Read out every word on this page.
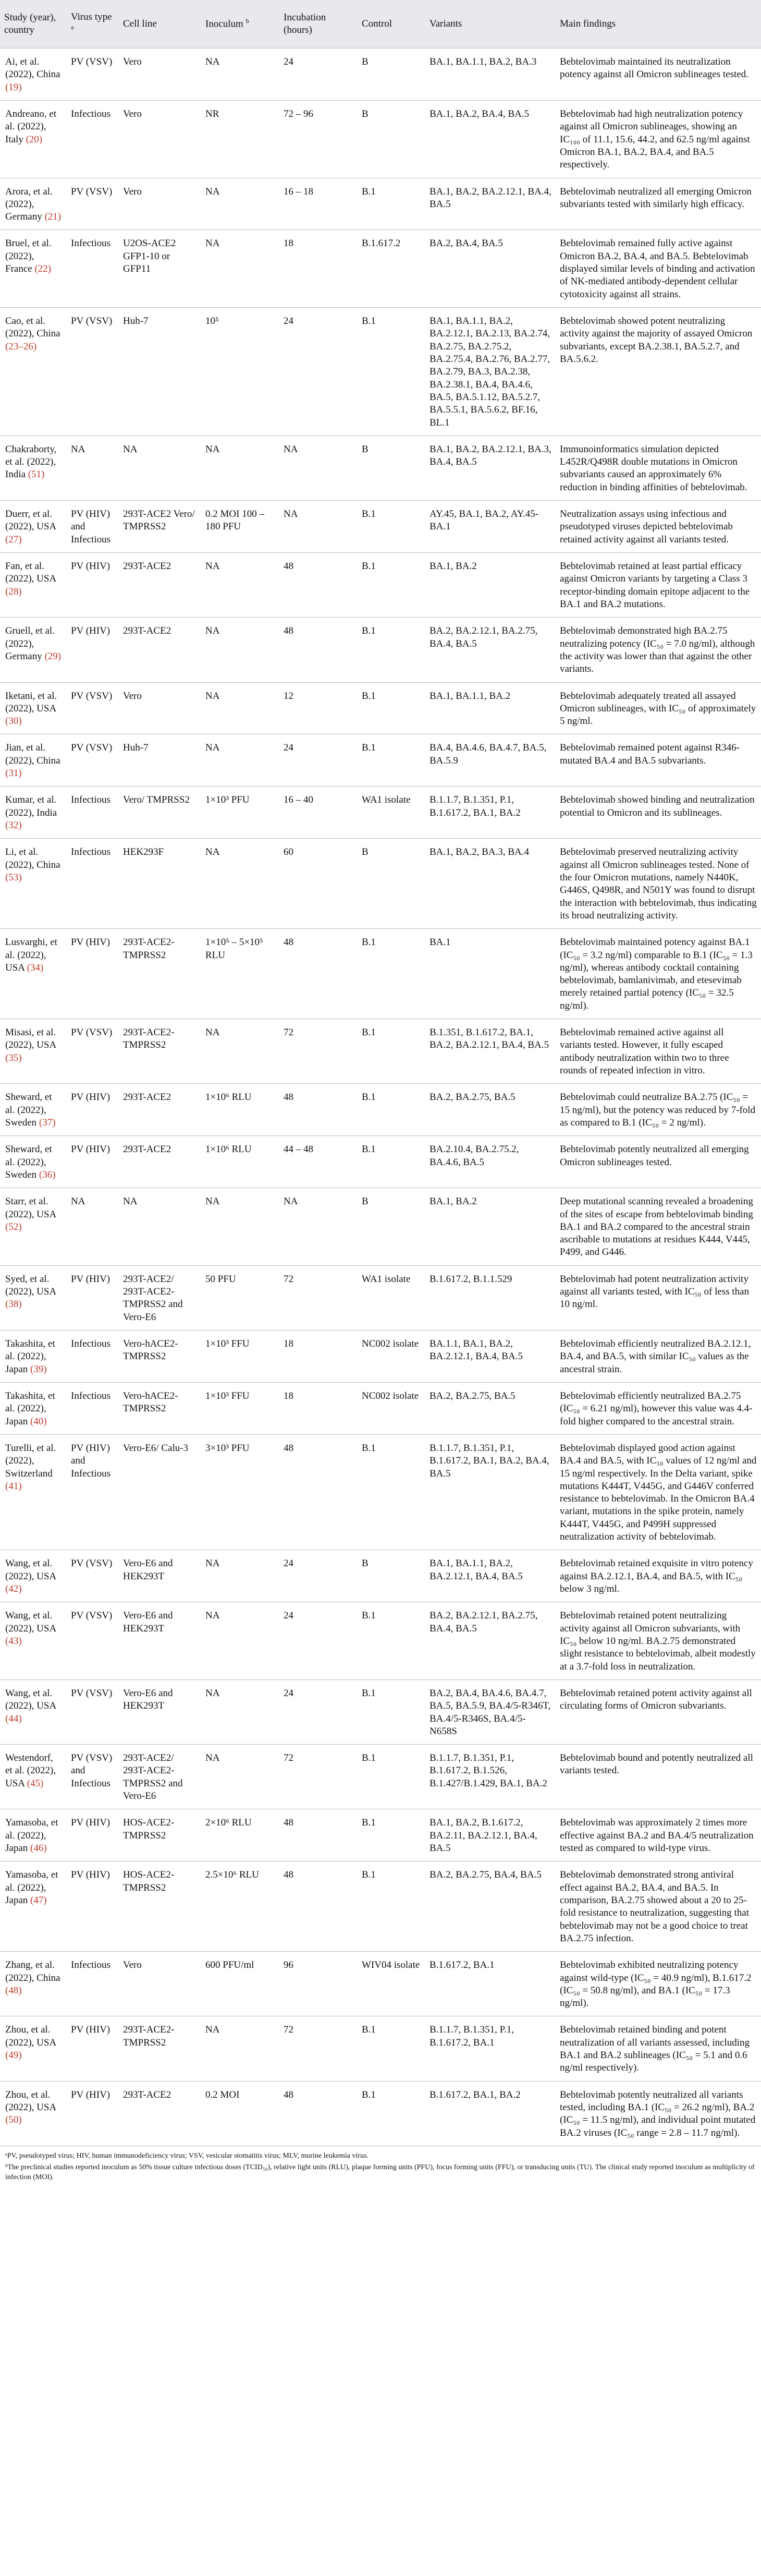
Study (year), country	Virus type $^a$	Cell line	Inoculum $^b$	Incubation (hours)	Control	Variants	Main findings
Ai, et al. (2022), China (19)	PV (VSV)	Vero	NA	24	B	BA.1, BA.1.1, BA.2, BA.3	Bebtelovimab maintained its neutralization potency against all Omicron sublineages tested.
Andreano, et al. (2022), Italy (20)	Infectious	Vero	NR	72 – 96	B	BA.1, BA.2, BA.4, BA.5	Bebtelovimab had high neutralization potency against all Omicron sublineages, showing an IC₁₀₀ of 11.1, 15.6, 44.2, and 62.5 ng/ml against Omicron BA.1, BA.2, BA.4, and BA.5 respectively.
Arora, et al. (2022), Germany (21)	PV (VSV)	Vero	NA	16 – 18	B.1	BA.1, BA.2, BA.2.12.1, BA.4, BA.5	Bebtelovimab neutralized all emerging Omicron subvariants tested with similarly high efficacy.
Bruel, et al. (2022), France (22)	Infectious	U2OS-ACE2 GFP1-10 or GFP11	NA	18	B.1.617.2	BA.2, BA.4, BA.5	Bebtelovimab remained fully active against Omicron BA.2, BA.4, and BA.5. Bebtelovimab displayed similar levels of binding and activation of NK-mediated antibody-dependent cellular cytotoxicity against all strains.
Cao, et al. (2022), China (23–26)	PV (VSV)	Huh-7	10⁵	24	B.1	BA.1, BA.1.1, BA.2, BA.2.12.1, BA.2.13, BA.2.74, BA.2.75, BA.2.75.2, BA.2.75.4, BA.2.76, BA.2.77, BA.2.79, BA.3, BA.2.38, BA.2.38.1, BA.4, BA.4.6, BA.5, BA.5.1.12, BA.5.2.7, BA.5.5.1, BA.5.6.2, BF.16, BL.1	Bebtelovimab showed potent neutralizing activity against the majority of assayed Omicron subvariants, except BA.2.38.1, BA.5.2.7, and BA.5.6.2.
Chakraborty, et al. (2022), India (51)	NA	NA	NA	NA	B	BA.1, BA.2, BA.2.12.1, BA.3, BA.4, BA.5	Immunoinformatics simulation depicted L452R/Q498R double mutations in Omicron subvariants caused an approximately 6% reduction in binding affinities of bebtelovimab.
Duerr, et al. (2022), USA (27)	PV (HIV) and Infectious	293T-ACE2 Vero/ TMPRSS2	0.2 MOI 100 – 180 PFU	NA	B.1	AY.45, BA.1, BA.2, AY.45-BA.1	Neutralization assays using infectious and pseudotyped viruses depicted bebtelovimab retained activity against all variants tested.
Fan, et al. (2022), USA (28)	PV (HIV)	293T-ACE2	NA	48	B.1	BA.1, BA.2	Bebtelovimab retained at least partial efficacy against Omicron variants by targeting a Class 3 receptor-binding domain epitope adjacent to the BA.1 and BA.2 mutations.
Gruell, et al. (2022), Germany (29)	PV (HIV)	293T-ACE2	NA	48	B.1	BA.2, BA.2.12.1, BA.2.75, BA.4, BA.5	Bebtelovimab demonstrated high BA.2.75 neutralizing potency (IC₅₀ = 7.0 ng/ml), although the activity was lower than that against the other variants.
Iketani, et al. (2022), USA (30)	PV (VSV)	Vero	NA	12	B.1	BA.1, BA.1.1, BA.2	Bebtelovimab adequately treated all assayed Omicron sublineages, with IC₅₀ of approximately 5 ng/ml.
Jian, et al. (2022), China (31)	PV (VSV)	Huh-7	NA	24	B.1	BA.4, BA.4.6, BA.4.7, BA.5, BA.5.9	Bebtelovimab remained potent against R346-mutated BA.4 and BA.5 subvariants.
Kumar, et al. (2022), India (32)	Infectious	Vero/ TMPRSS2	1×10³ PFU	16 – 40	WA1 isolate	B.1.1.7, B.1.351, P.1, B.1.617.2, BA.1, BA.2	Bebtelovimab showed binding and neutralization potential to Omicron and its sublineages.
Li, et al. (2022), China (53)	Infectious	HEK293F	NA	60	B	BA.1, BA.2, BA.3, BA.4	Bebtelovimab preserved neutralizing activity against all Omicron sublineages tested. None of the four Omicron mutations, namely N440K, G446S, Q498R, and N501Y was found to disrupt the interaction with bebtelovimab, thus indicating its broad neutralizing activity.
Lusvarghi, et al. (2022), USA (34)	PV (HIV)	293T-ACE2-TMPRSS2	1×10⁵ – 5×10⁵ RLU	48	B.1	BA.1	Bebtelovimab maintained potency against BA.1 (IC₅₀ = 3.2 ng/ml) comparable to B.1 (IC₅₀ = 1.3 ng/ml), whereas antibody cocktail containing bebtelovimab, bamlanivimab, and etesevimab merely retained partial potency (IC₅₀ = 32.5 ng/ml).
Misasi, et al. (2022), USA (35)	PV (VSV)	293T-ACE2-TMPRSS2	NA	72	B.1	B.1.351, B.1.617.2, BA.1, BA.2, BA.2.12.1, BA.4, BA.5	Bebtelovimab remained active against all variants tested. However, it fully escaped antibody neutralization within two to three rounds of repeated infection in vitro.
Sheward, et al. (2022), Sweden (37)	PV (HIV)	293T-ACE2	1×10⁶ RLU	48	B.1	BA.2, BA.2.75, BA.5	Bebtelovimab could neutralize BA.2.75 (IC₅₀ = 15 ng/ml), but the potency was reduced by 7-fold as compared to B.1 (IC₅₀ = 2 ng/ml).
Sheward, et al. (2022), Sweden (36)	PV (HIV)	293T-ACE2	1×10⁶ RLU	44 – 48	B.1	BA.2.10.4, BA.2.75.2, BA.4.6, BA.5	Bebtelovimab potently neutralized all emerging Omicron sublineages tested.
Starr, et al. (2022), USA (52)	NA	NA	NA	NA	B	BA.1, BA.2	Deep mutational scanning revealed a broadening of the sites of escape from bebtelovimab binding BA.1 and BA.2 compared to the ancestral strain ascribable to mutations at residues K444, V445, P499, and G446.
Syed, et al. (2022), USA (38)	PV (HIV)	293T-ACE2/ 293T-ACE2-TMPRSS2 and Vero-E6	50 PFU	72	WA1 isolate	B.1.617.2, B.1.1.529	Bebtelovimab had potent neutralization activity against all variants tested, with IC₅₀ of less than 10 ng/ml.
Takashita, et al. (2022), Japan (39)	Infectious	Vero-hACE2-TMPRSS2	1×10³ FFU	18	NC002 isolate	BA.1.1, BA.1, BA.2, BA.2.12.1, BA.4, BA.5	Bebtelovimab efficiently neutralized BA.2.12.1, BA.4, and BA.5, with similar IC₅₀ values as the ancestral strain.
Takashita, et al. (2022), Japan (40)	Infectious	Vero-hACE2-TMPRSS2	1×10³ FFU	18	NC002 isolate	BA.2, BA.2.75, BA.5	Bebtelovimab efficiently neutralized BA.2.75 (IC₅₀ = 6.21 ng/ml), however this value was 4.4-fold higher compared to the ancestral strain.
Turelli, et al. (2022), Switzerland (41)	PV (HIV) and Infectious	Vero-E6/ Calu-3	3×10³ PFU	48	B.1	B.1.1.7, B.1.351, P.1, B.1.617.2, BA.1, BA.2, BA.4, BA.5	Bebtelovimab displayed good action against BA.4 and BA.5, with IC₅₀ values of 12 ng/ml and 15 ng/ml respectively. In the Delta variant, spike mutations K444T, V445G, and G446V conferred resistance to bebtelovimab. In the Omicron BA.4 variant, mutations in the spike protein, namely K444T, V445G, and P499H suppressed neutralization activity of bebtelovimab.
Wang, et al. (2022), USA (42)	PV (VSV)	Vero-E6 and HEK293T	NA	24	B	BA.1, BA.1.1, BA.2, BA.2.12.1, BA.4, BA.5	Bebtelovimab retained exquisite in vitro potency against BA.2.12.1, BA.4, and BA.5, with IC₅₀ below 3 ng/ml.
Wang, et al. (2022), USA (43)	PV (VSV)	Vero-E6 and HEK293T	NA	24	B.1	BA.2, BA.2.12.1, BA.2.75, BA.4, BA.5	Bebtelovimab retained potent neutralizing activity against all Omicron subvariants, with IC₅₀ below 10 ng/ml. BA.2.75 demonstrated slight resistance to bebtelovimab, albeit modestly at a 3.7-fold loss in neutralization.
Wang, et al. (2022), USA (44)	PV (VSV)	Vero-E6 and HEK293T	NA	24	B.1	BA.2, BA.4, BA.4.6, BA.4.7, BA.5, BA.5.9, BA.4/5-R346T, BA.4/5-R346S, BA.4/5-N658S	Bebtelovimab retained potent activity against all circulating forms of Omicron subvariants.
Westendorf, et al. (2022), USA (45)	PV (VSV) and Infectious	293T-ACE2/ 293T-ACE2-TMPRSS2 and Vero-E6	NA	72	B.1	B.1.1.7, B.1.351, P.1, B.1.617.2, B.1.526, B.1.427/B.1.429, BA.1, BA.2	Bebtelovimab bound and potently neutralized all variants tested.
Yamasoba, et al. (2022), Japan (46)	PV (HIV)	HOS-ACE2-TMPRSS2	2×10⁶ RLU	48	B.1	BA.1, BA.2, B.1.617.2, BA.2.11, BA.2.12.1, BA.4, BA.5	Bebtelovimab was approximately 2 times more effective against BA.2 and BA.4/5 neutralization tested as compared to wild-type virus.
Yamasoba, et al. (2022), Japan (47)	PV (HIV)	HOS-ACE2-TMPRSS2	2.5×10⁶ RLU	48	B.1	BA.2, BA.2.75, BA.4, BA.5	Bebtelovimab demonstrated strong antiviral effect against BA.2, BA.4, and BA.5. In comparison, BA.2.75 showed about a 20 to 25-fold resistance to neutralization, suggesting that bebtelovimab may not be a good choice to treat BA.2.75 infection.
Zhang, et al. (2022), China (48)	Infectious	Vero	600 PFU/ml	96	WIV04 isolate	B.1.617.2, BA.1	Bebtelovimab exhibited neutralizing potency against wild-type (IC₅₀ = 40.9 ng/ml), B.1.617.2 (IC₅₀ = 50.8 ng/ml), and BA.1 (IC₅₀ = 17.3 ng/ml).
Zhou, et al. (2022), USA (49)	PV (HIV)	293T-ACE2-TMPRSS2	NA	72	B.1	B.1.1.7, B.1.351, P.1, B.1.617.2, BA.1	Bebtelovimab retained binding and potent neutralization of all variants assessed, including BA.1 and BA.2 sublineages (IC₅₀ = 5.1 and 0.6 ng/ml respectively).
Zhou, et al. (2022), USA (50)	PV (HIV)	293T-ACE2	0.2 MOI	48	B.1	B.1.617.2, BA.1, BA.2	Bebtelovimab potently neutralized all variants tested, including BA.1 (IC₅₀ = 26.2 ng/ml), BA.2 (IC₅₀ = 11.5 ng/ml), and individual point mutated BA.2 viruses (IC₅₀ range = 2.8 – 11.7 ng/ml).

ᵃPV, pseudotyped virus; HIV, human immunodeficiency virus; VSV, vesicular stomatitis virus; MLV, murine leukemia virus.

ᵇThe preclinical studies reported inoculum as 50% tissue culture infectious doses (TCID₅₀), relative light units (RLU), plaque forming units (PFU), focus forming units (FFU), or transducing units (TU). The clinical study reported inoculum as multiplicity of infection (MOI).
